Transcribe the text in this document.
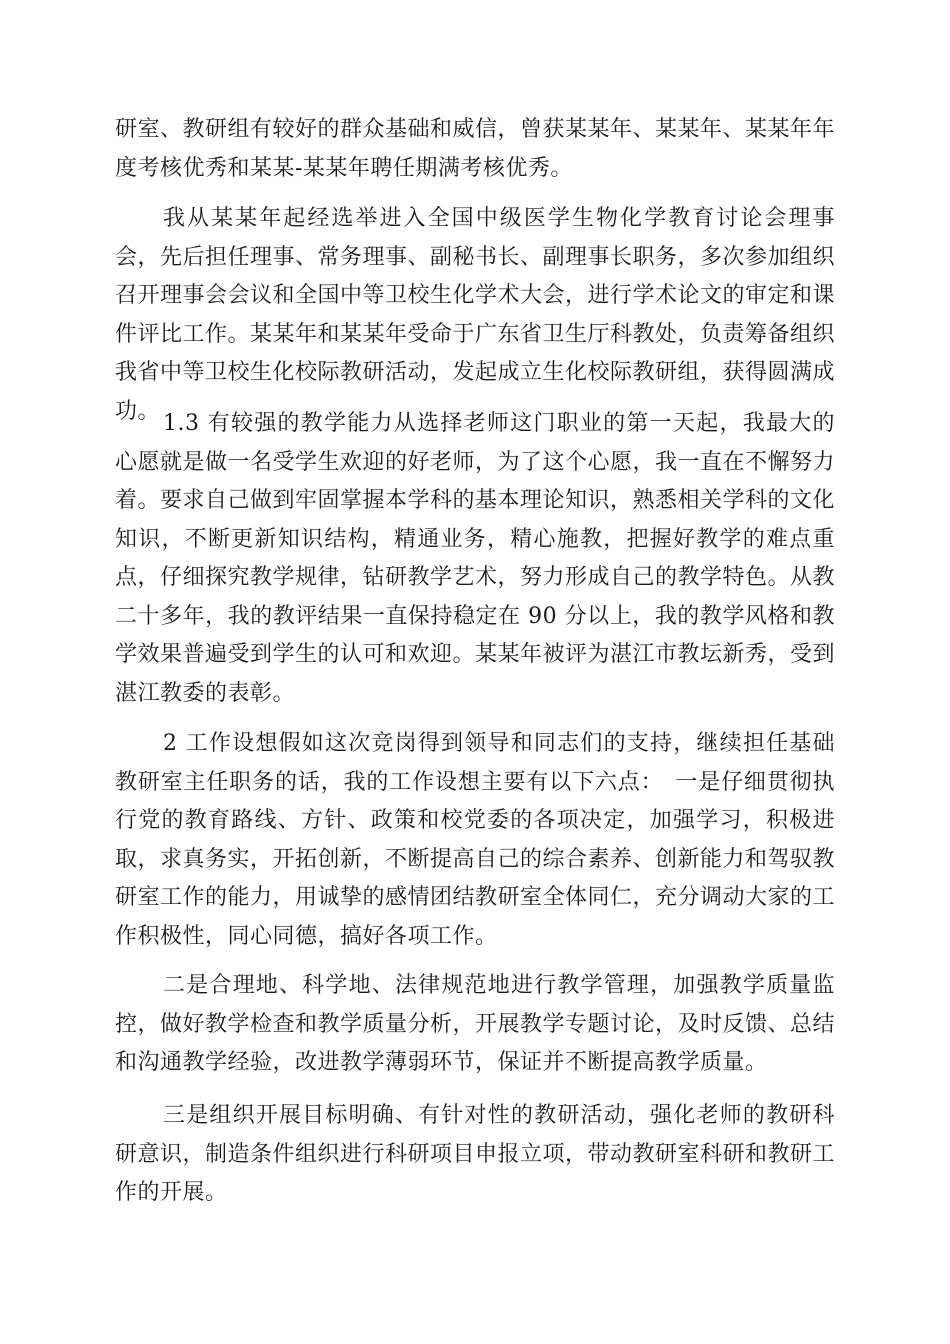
研室、教研组有较好的群众基础和威信，曾获某某年、某某年、某某年年度考核优秀和某某-某某年聘任期满考核优秀。

我从某某年起经选举进入全国中级医学生物化学教育讨论会理事会，先后担任理事、常务理事、副秘书长、副理事长职务，多次参加组织召开理事会会议和全国中等卫校生化学术大会，进行学术论文的审定和课件评比工作。某某年和某某年受命于广东省卫生厅科教处，负责筹备组织我省中等卫校生化校际教研活动，发起成立生化校际教研组，获得圆满成功。 1.3 有较强的教学能力从选择老师这门职业的第一天起，我最大的心愿就是做一名受学生欢迎的好老师，为了这个心愿，我一直在不懈努力着。要求自己做到牢固掌握本学科的基本理论知识，熟悉相关学科的文化知识，不断更新知识结构，精通业务，精心施教，把握好教学的难点重点，仔细探究教学规律，钻研教学艺术，努力形成自己的教学特色。从教二十多年，我的教评结果一直保持稳定在 90 分以上，我的教学风格和教学效果普遍受到学生的认可和欢迎。某某年被评为湛江市教坛新秀，受到湛江教委的表彰。

2 工作设想假如这次竞岗得到领导和同志们的支持，继续担任基础教研室主任职务的话，我的工作设想主要有以下六点：　一是仔细贯彻执行党的教育路线、方针、政策和校党委的各项决定，加强学习，积极进取，求真务实，开拓创新，不断提高自己的综合素养、创新能力和驾驭教研室工作的能力，用诚挚的感情团结教研室全体同仁，充分调动大家的工作积极性，同心同德，搞好各项工作。

二是合理地、科学地、法律规范地进行教学管理，加强教学质量监控，做好教学检查和教学质量分析，开展教学专题讨论，及时反馈、总结和沟通教学经验，改进教学薄弱环节，保证并不断提高教学质量。

三是组织开展目标明确、有针对性的教研活动，强化老师的教研科研意识，制造条件组织进行科研项目申报立项，带动教研室科研和教研工作的开展。
